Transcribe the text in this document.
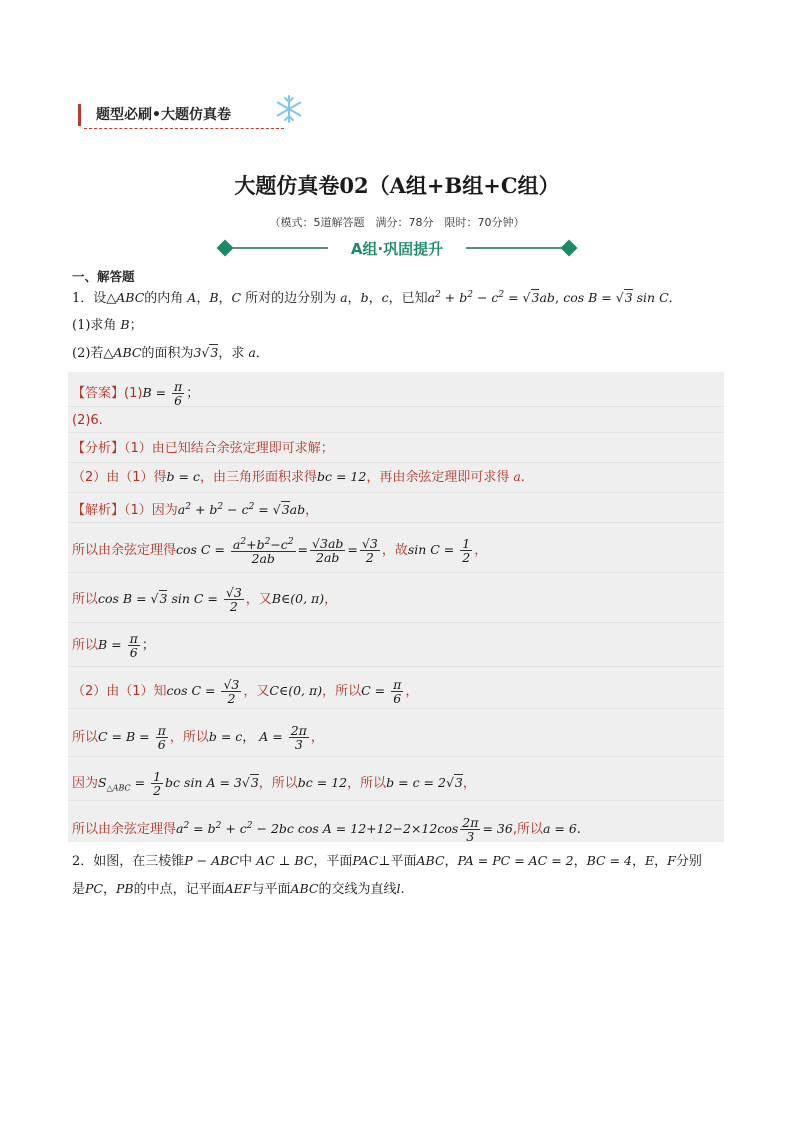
题型必刷•大题仿真卷
大题仿真卷02（A组+B组+C组）
（模式：5道解答题　满分：78分　限时：70分钟）
A组·巩固提升
一、解答题
1．设△ABC的内角 A，B，C 所对的边分别为 a，b，c，已知$a^2 + b^2 - c^2 = √3ab$, cos B = √3 sin C．
(1)求角 B；
(2)若△ABC的面积为3√3，求 a．
【答案】$(1)B = \frac{\pi}{6}$ ；
(2)6.
【分析】（1）由已知结合余弦定理即可求解；
（2）由（1）得b = c，由三角形面积求得bc = 12，再由余弦定理即可求得 a.
【解析】（1）因为$a^2 + b^2 - c^2 = √3ab$，
所以由余弦定理得$\cos C = \frac{a^2+b^2-c^2}{2ab} = \frac{√3ab}{2ab} = \frac{√3}{2}$ ，故$\sin C = \frac{1}{2}$ ，
所以cos B = √3 $\sin C = \frac{√3}{2}$ ，又B∈(0, π)，
所以$B = \frac{\pi}{6}$ ；
（2）由（1）知$\cos C = \frac{√3}{2}$ ，又C∈(0, π)，所以$C = \frac{\pi}{6}$ ，
所以$C = B = \frac{\pi}{6}$ ，所以b = c， $A = \frac{2\pi}{3}$ ，
因为$S_{\triangle ABC} = \frac{1}{2}$ bc sin A = 3√3，所以bc = 12，所以b = c = 2√3，
所以由余弦定理得$a^2 = b^2 + c^2 - 2bc$ $\cos A = 12+12-2\times 12\cos \frac{2\pi}{3} = 36$,所以a = 6.
2．如图，在三棱锥P − ABC中 AC ⊥ BC，平面PAC⊥平面ABC，PA = PC = AC = 2，BC = 4，E，F分别
是PC，PB的中点，记平面AEF与平面ABC的交线为直线l.
